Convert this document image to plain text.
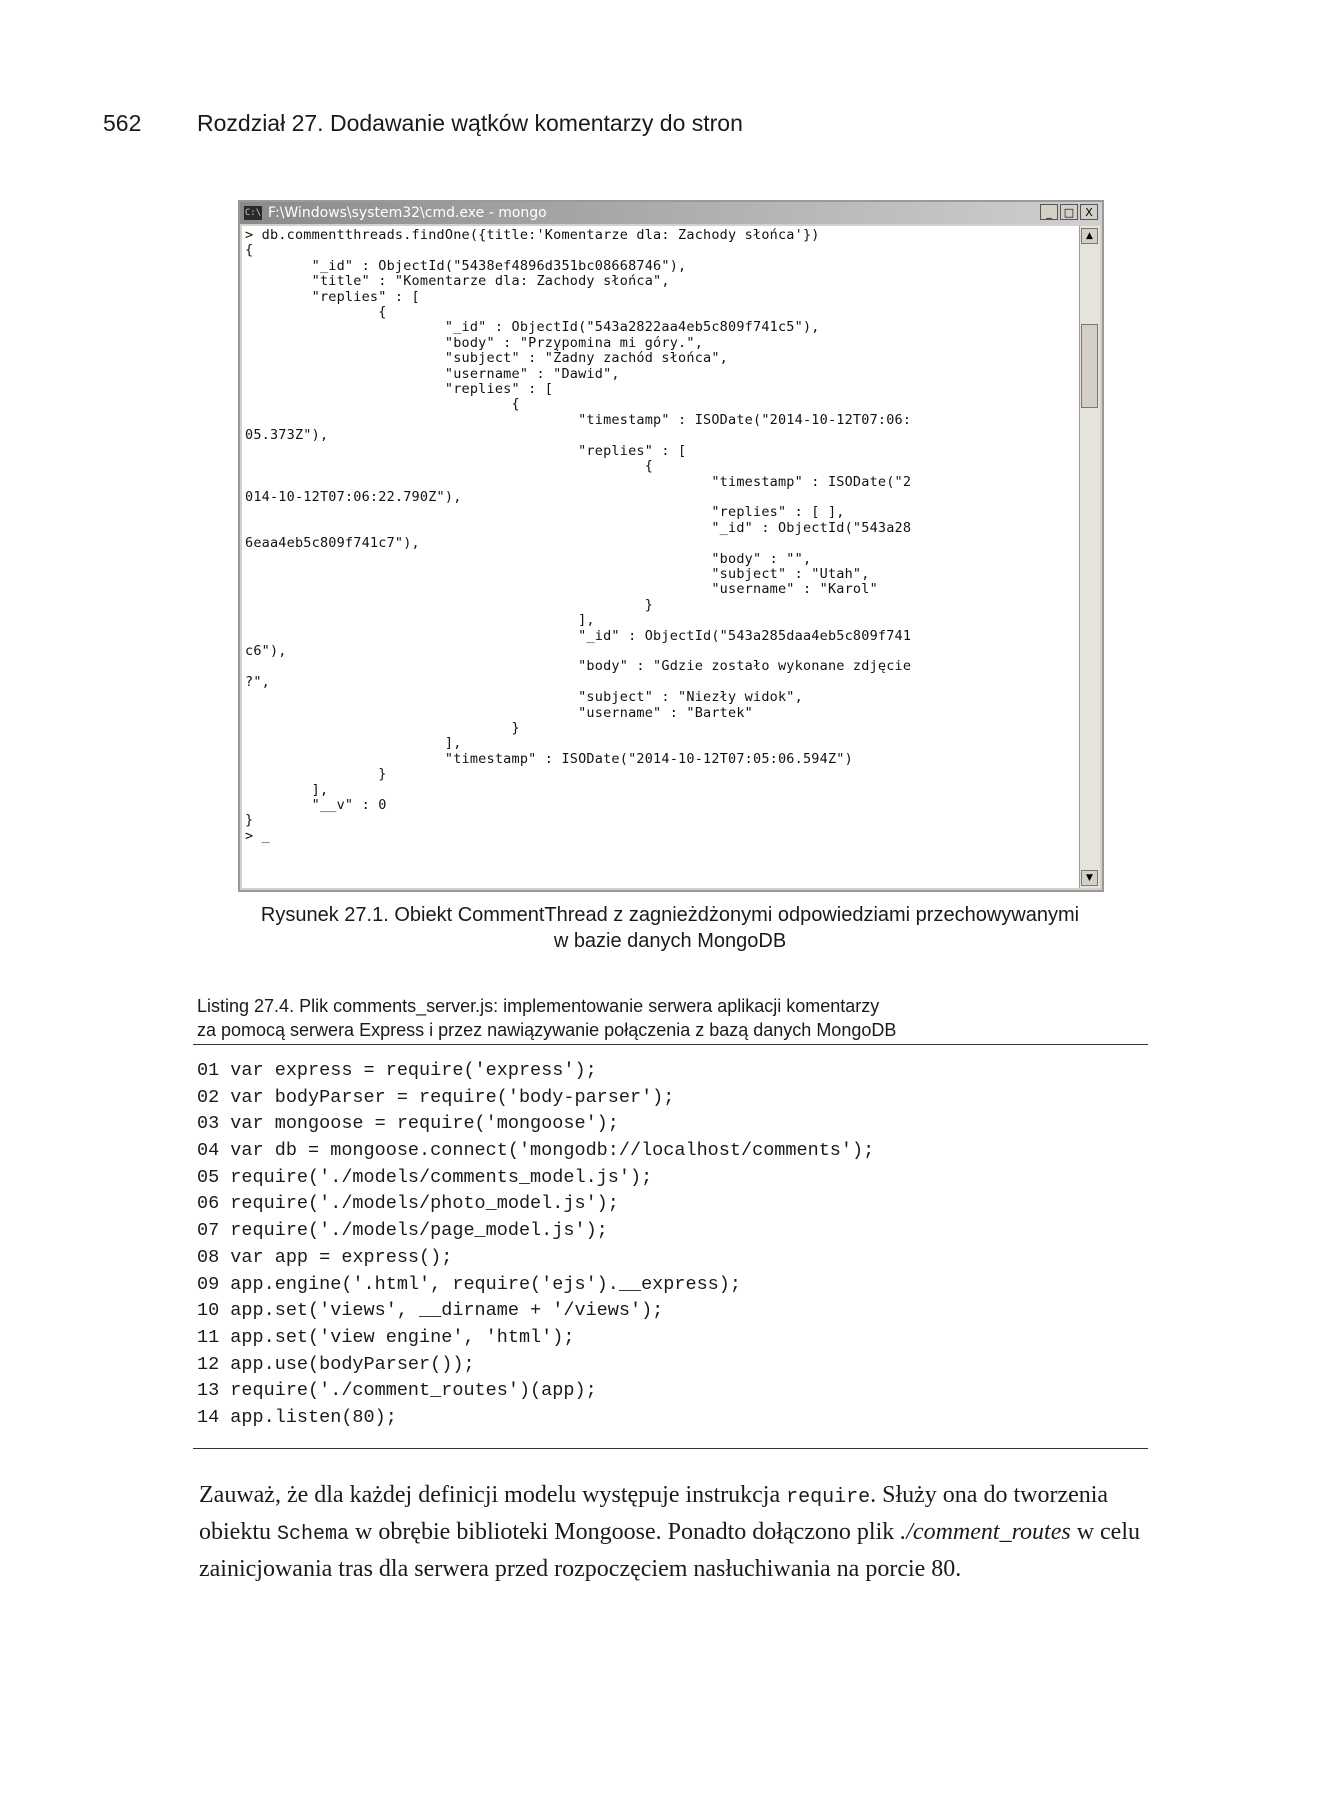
562 Rozdział 27. Dodawanie wątków komentarzy do stron
C:\ F:\Windows\system32\cmd.exe - mongo	_	□	X
> db.commentthreads.findOne({title:'Komentarze dla: Zachody słońca'})
{
"_id" : ObjectId("5438ef4896d351bc08668746"),
"title" : "Komentarze dla: Zachody słońca",
"replies" : [
{
"_id" : ObjectId("543a2822aa4eb5c809f741c5"),
"body" : "Przypomina mi góry.",
"subject" : "Żadny zachód słońca",
"username" : "Dawid",
"replies" : [
{
"timestamp" : ISODate("2014-10-12T07:06:
05.373Z"),
"replies" : [
{
"timestamp" : ISODate("2
014-10-12T07:06:22.790Z"),
"replies" : [ ],
"_id" : ObjectId("543a28
6eaa4eb5c809f741c7"),
"body" : "",
"subject" : "Utah",
"username" : "Karol"
}
],
"_id" : ObjectId("543a285daa4eb5c809f741
c6"),
"body" : "Gdzie zostało wykonane zdjęcie
?",
"subject" : "Niezły widok",
"username" : "Bartek"
}
],
"timestamp" : ISODate("2014-10-12T07:05:06.594Z")
}
],
"__v" : 0
}
> _

▲
▼
Rysunek 27.1. Obiekt CommentThread z zagnieżdżonymi odpowiedziami przechowywanymi
w bazie danych MongoDB
Listing 27.4. Plik comments_server.js: implementowanie serwera aplikacji komentarzy
za pomocą serwera Express i przez nawiązywanie połączenia z bazą danych MongoDB
01 var express = require('express');
02 var bodyParser = require('body-parser');
03 var mongoose = require('mongoose');
04 var db = mongoose.connect('mongodb://localhost/comments');
05 require('./models/comments_model.js');
06 require('./models/photo_model.js');
07 require('./models/page_model.js');
08 var app = express();
09 app.engine('.html', require('ejs').__express);
10 app.set('views', __dirname + '/views');
11 app.set('view engine', 'html');
12 app.use(bodyParser());
13 require('./comment_routes')(app);
14 app.listen(80);
Zauważ, że dla każdej definicji modelu występuje instrukcja require. Służy ona do tworzenia obiektu Schema w obrębie biblioteki Mongoose. Ponadto dołączono plik ./comment_routes w celu zainicjowania tras dla serwera przed rozpoczęciem nasłuchiwania na porcie 80.
